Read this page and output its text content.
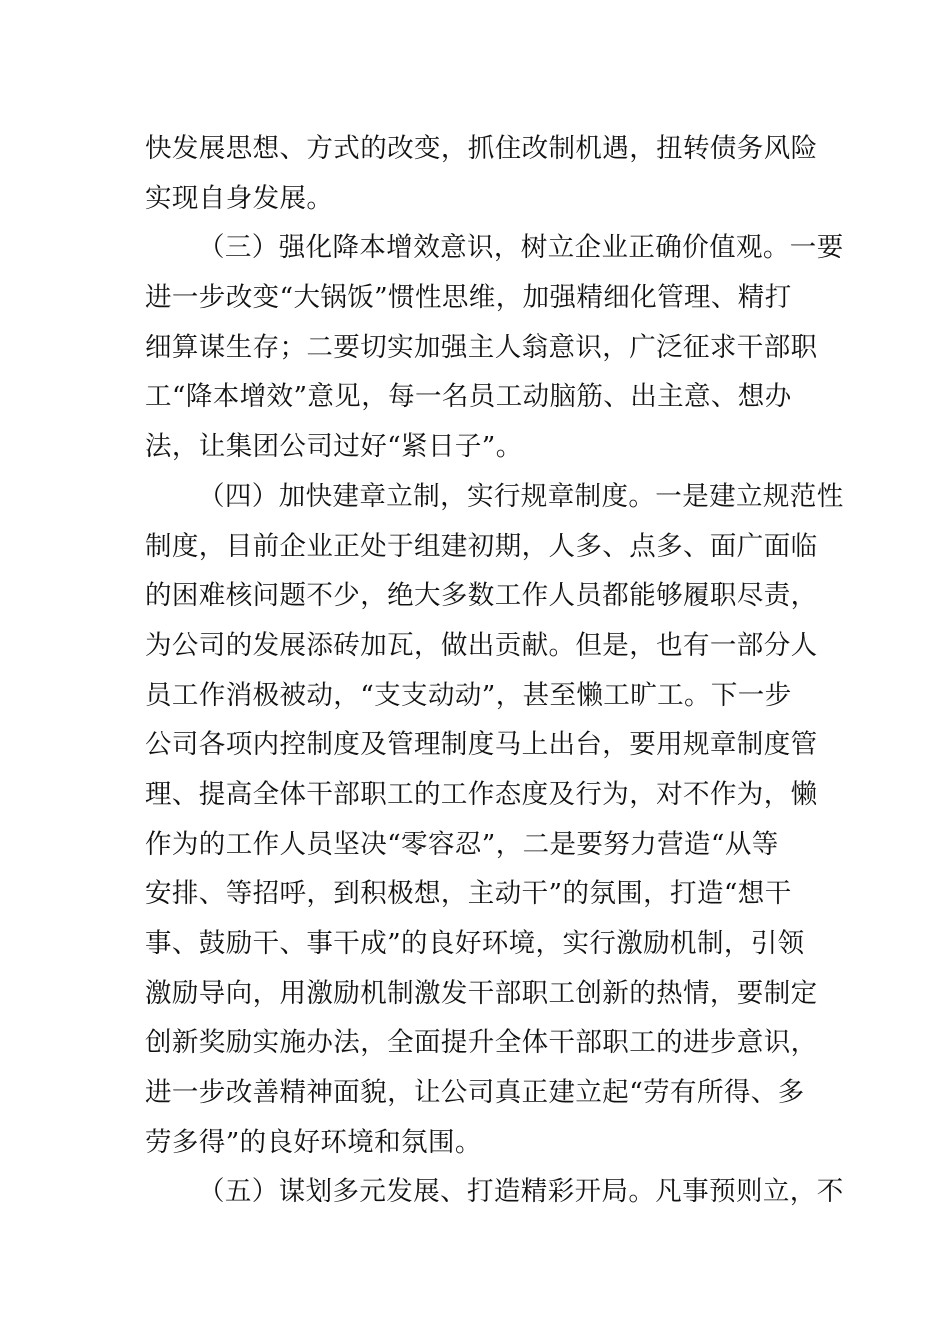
快发展思想、方式的改变，抓住改制机遇，扭转债务风险
实现自身发展。
（三）强化降本增效意识，树立企业正确价值观。一要
进一步改变“大锅饭”惯性思维，加强精细化管理、精打
细算谋生存；二要切实加强主人翁意识，广泛征求干部职
工“降本增效”意见，每一名员工动脑筋、出主意、想办
法，让集团公司过好“紧日子”。
（四）加快建章立制，实行规章制度。一是建立规范性
制度，目前企业正处于组建初期，人多、点多、面广面临
的困难核问题不少，绝大多数工作人员都能够履职尽责，
为公司的发展添砖加瓦，做出贡献。但是，也有一部分人
员工作消极被动，“支支动动”，甚至懒工旷工。下一步
公司各项内控制度及管理制度马上出台，要用规章制度管
理、提高全体干部职工的工作态度及行为，对不作为，懒
作为的工作人员坚决“零容忍”，二是要努力营造“从等
安排、等招呼，到积极想，主动干”的氛围，打造“想干
事、鼓励干、事干成”的良好环境，实行激励机制，引领
激励导向，用激励机制激发干部职工创新的热情，要制定
创新奖励实施办法，全面提升全体干部职工的进步意识，
进一步改善精神面貌，让公司真正建立起“劳有所得、多
劳多得”的良好环境和氛围。
（五）谋划多元发展、打造精彩开局。凡事预则立，不
